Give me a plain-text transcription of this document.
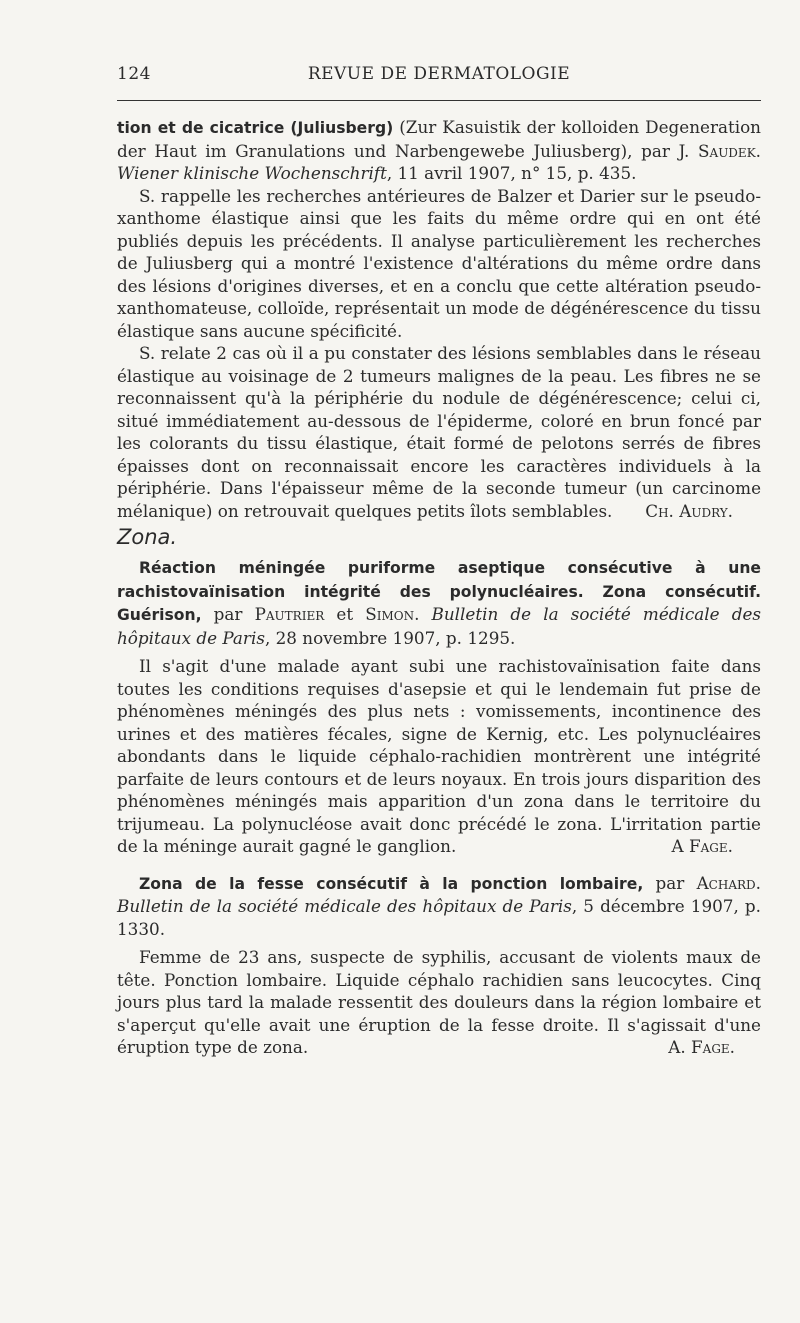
124	REVUE DE DERMATOLOGIE

tion et de cicatrice (Juliusberg) (Zur Kasuistik der kolloiden Degeneration der Haut im Granulations und Narbengewebe Juliusberg), par J. Saudek. Wiener klinische Wochenschrift, 11 avril 1907, n° 15, p. 435.

S. rappelle les recherches antérieures de Balzer et Darier sur le pseudo-xanthome élastique ainsi que les faits du même ordre qui en ont été publiés depuis les précédents. Il analyse particulièrement les recherches de Juliusberg qui a montré l'existence d'altérations du même ordre dans des lésions d'origines diverses, et en a conclu que cette altération pseudo-xanthomateuse, colloïde, représentait un mode de dégénérescence du tissu élastique sans aucune spécificité.

S. relate 2 cas où il a pu constater des lésions semblables dans le réseau élastique au voisinage de 2 tumeurs malignes de la peau. Les fibres ne se reconnaissent qu'à la périphérie du nodule de dégénérescence; celui ci, situé immédiatement au-dessous de l'épiderme, coloré en brun foncé par les colorants du tissu élastique, était formé de pelotons serrés de fibres épaisses dont on reconnaissait encore les caractères individuels à la périphérie. Dans l'épaisseur même de la seconde tumeur (un carcinome mélanique) on retrouvait quelques petits îlots semblables.	Ch. Audry.

Zona.

Réaction méningée puriforme aseptique consécutive à une rachistovaïnisation intégrité des polynucléaires. Zona consécutif. Guérison, par Pautrier et Simon. Bulletin de la société médicale des hôpitaux de Paris, 28 novembre 1907, p. 1295.

Il s'agit d'une malade ayant subi une rachistovaïnisation faite dans toutes les conditions requises d'asepsie et qui le lendemain fut prise de phénomènes méningés des plus nets : vomissements, incontinence des urines et des matières fécales, signe de Kernig, etc. Les polynucléaires abondants dans le liquide céphalo-rachidien montrèrent une intégrité parfaite de leurs contours et de leurs noyaux. En trois jours disparition des phénomènes méningés mais apparition d'un zona dans le territoire du trijumeau. La polynucléose avait donc précédé le zona. L'irritation partie de la méninge aurait gagné le ganglion.	A Fage.

Zona de la fesse consécutif à la ponction lombaire, par Achard. Bulletin de la société médicale des hôpitaux de Paris, 5 décembre 1907, p. 1330.

Femme de 23 ans, suspecte de syphilis, accusant de violents maux de tête. Ponction lombaire. Liquide céphalo rachidien sans leucocytes. Cinq jours plus tard la malade ressentit des douleurs dans la région lombaire et s'aperçut qu'elle avait une éruption de la fesse droite. Il s'agissait d'une éruption type de zona.	A. Fage.
